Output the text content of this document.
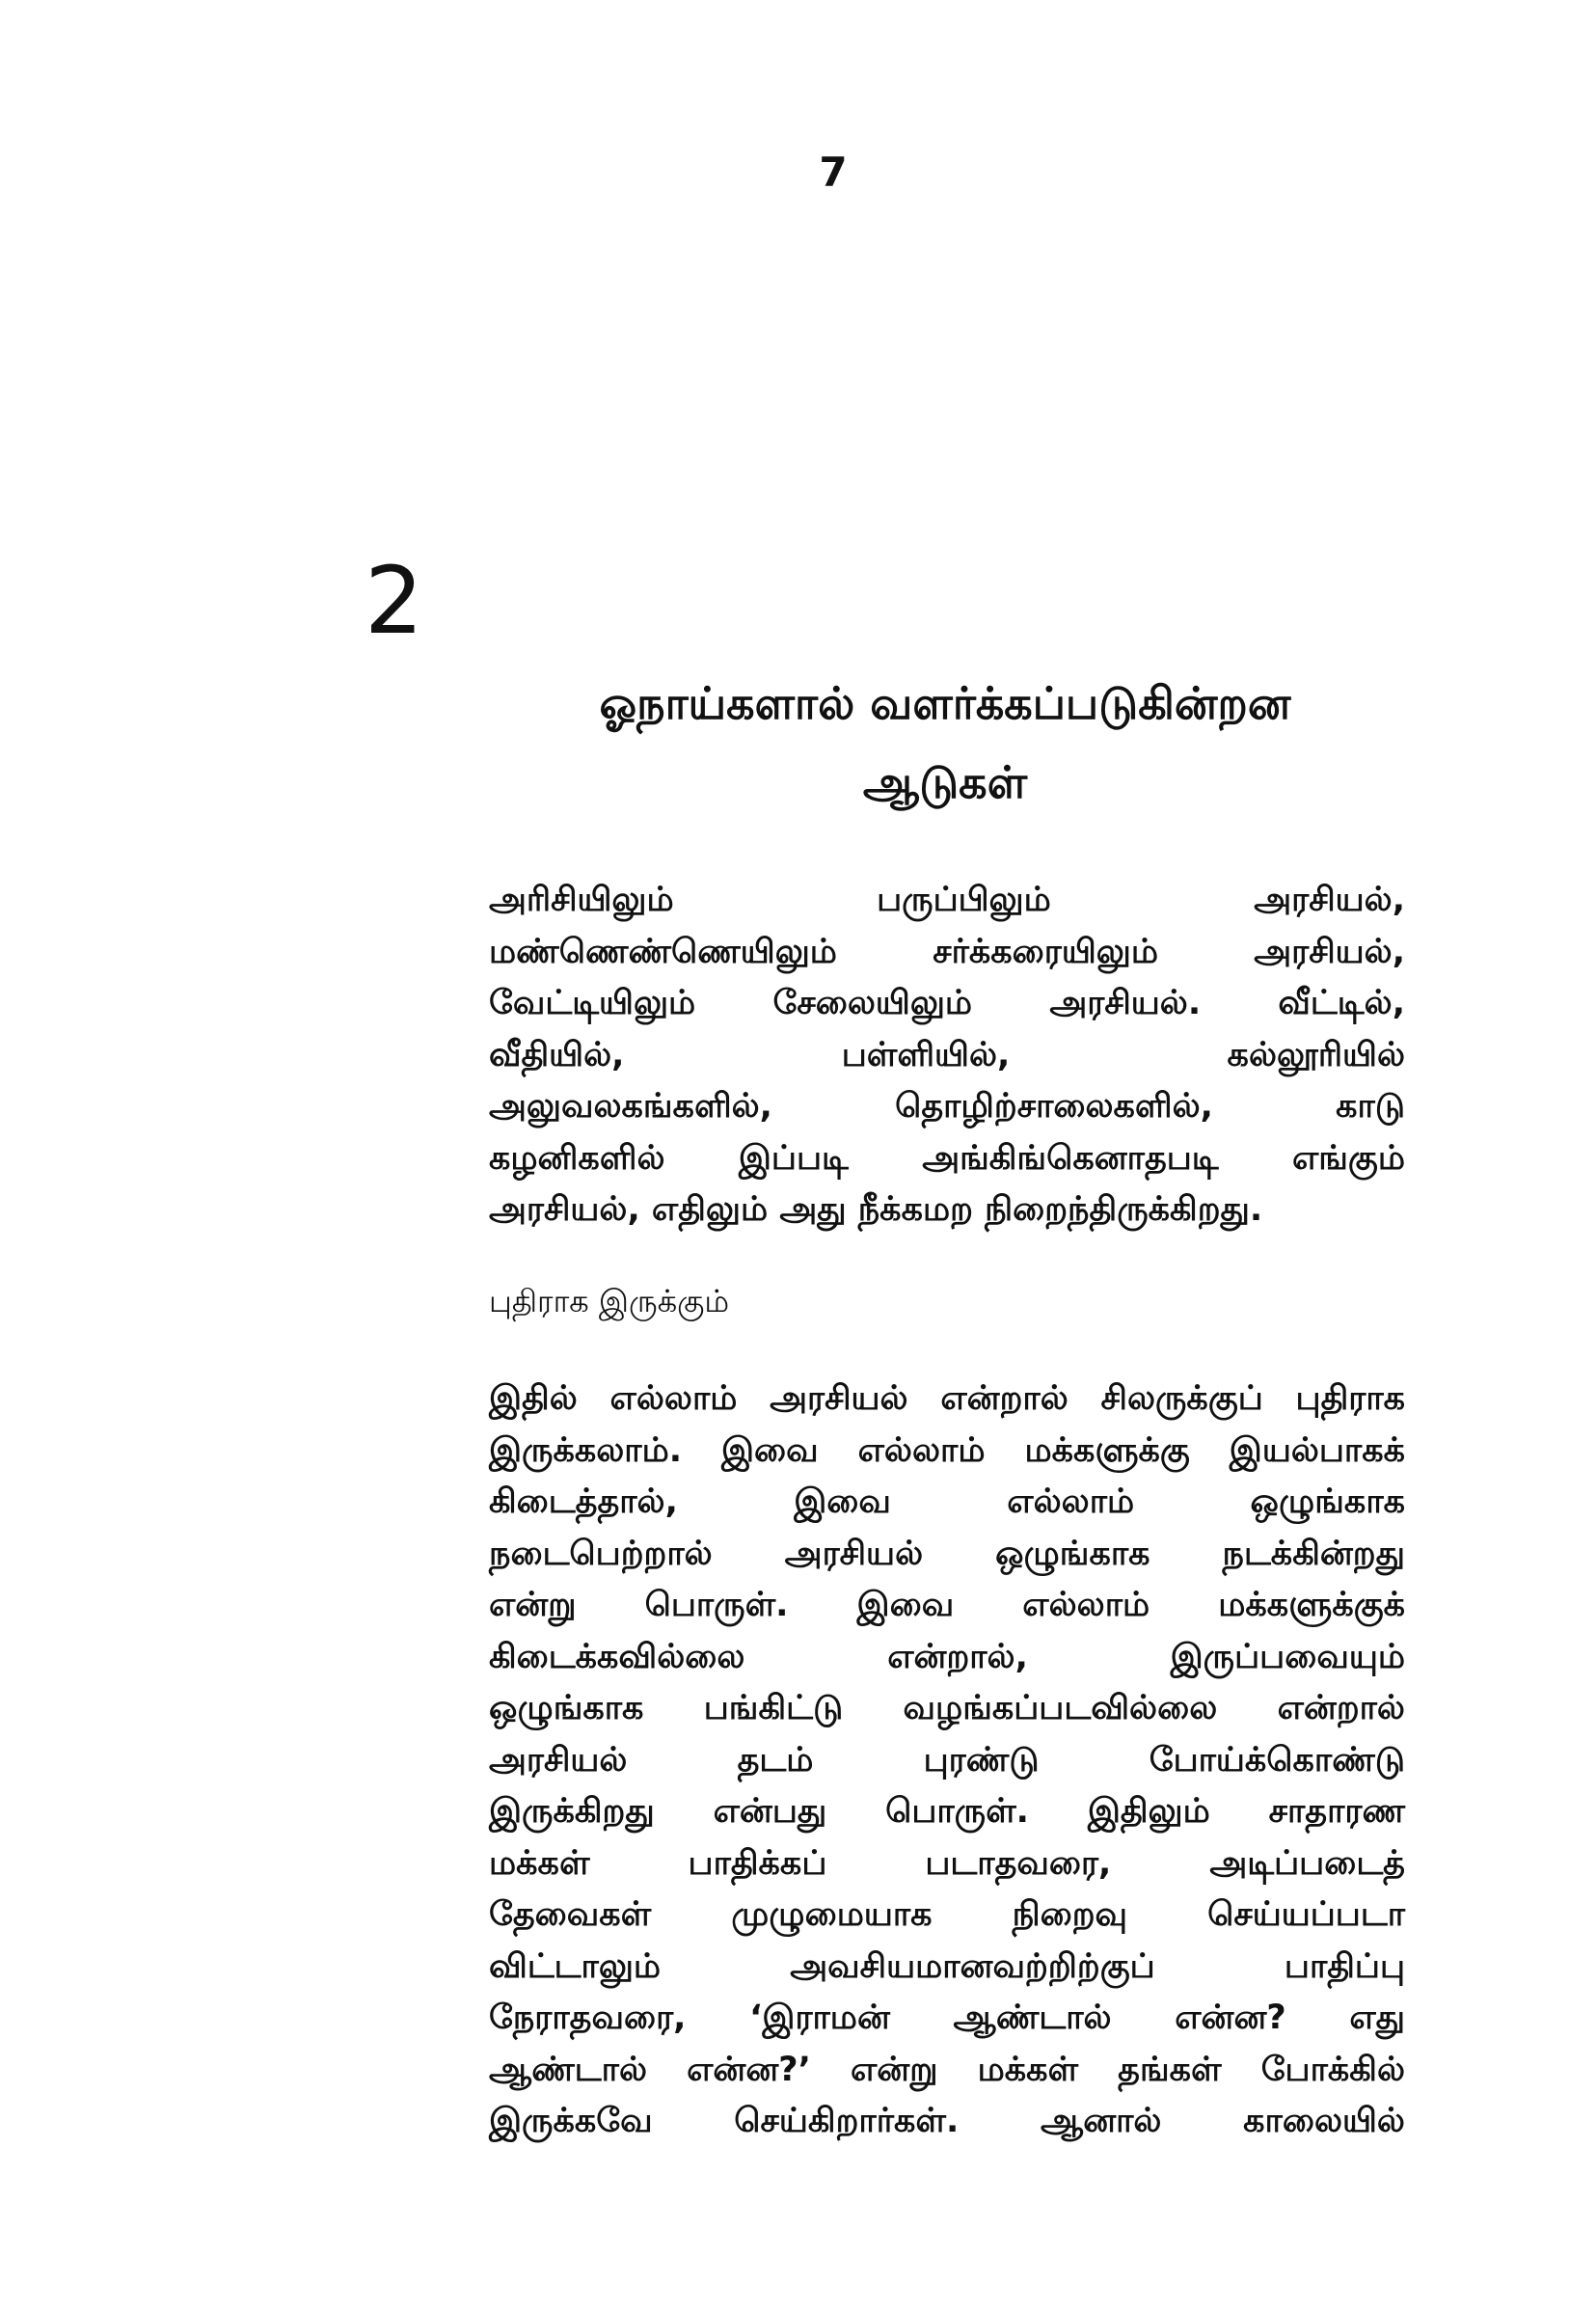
7
2
ஓநாய்களால் வளர்க்கப்படுகின்றன
ஆடுகள்

அரிசியிலும் பருப்பிலும் அரசியல்,
மண்ணெண்ணெயிலும் சர்க்கரையிலும் அரசியல்,
வேட்டியிலும் சேலையிலும் அரசியல். வீட்டில்,
வீதியில், பள்ளியில், கல்லூரியில்
அலுவலகங்களில், தொழிற்சாலைகளில், காடு
கழனிகளில் இப்படி அங்கிங்கெனாதபடி எங்கும்
அரசியல், எதிலும் அது நீக்கமற நிறைந்திருக்கிறது.

புதிராக இருக்கும்

இதில் எல்லாம் அரசியல் என்றால் சிலருக்குப் புதிராக
இருக்கலாம். இவை எல்லாம் மக்களுக்கு இயல்பாகக்
கிடைத்தால், இவை எல்லாம் ஒழுங்காக
நடைபெற்றால் அரசியல் ஒழுங்காக நடக்கின்றது
என்று பொருள். இவை எல்லாம் மக்களுக்குக்
கிடைக்கவில்லை என்றால், இருப்பவையும்
ஒழுங்காக பங்கிட்டு வழங்கப்படவில்லை என்றால்
அரசியல் தடம் புரண்டு போய்க்கொண்டு
இருக்கிறது என்பது பொருள். இதிலும் சாதாரண
மக்கள் பாதிக்கப் படாதவரை, அடிப்படைத்
தேவைகள் முழுமையாக நிறைவு செய்யப்படா
விட்டாலும் அவசியமானவற்றிற்குப் பாதிப்பு
நேராதவரை, ‘இராமன் ஆண்டால் என்ன? எது
ஆண்டால் என்ன?’ என்று மக்கள் தங்கள் போக்கில்
இருக்கவே செய்கிறார்கள். ஆனால் காலையில்
